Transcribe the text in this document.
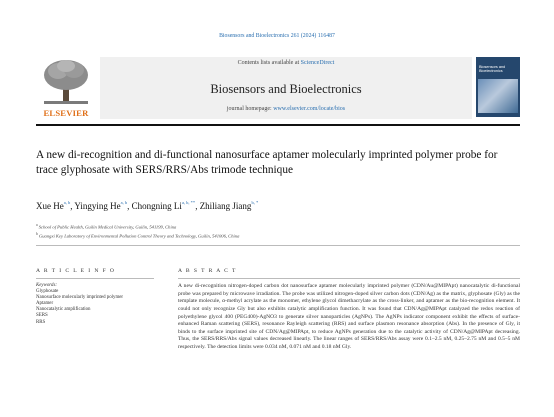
Biosensors and Bioelectronics 261 (2024) 116487
ELSEVIER
Contents lists available at ScienceDirect
Biosensors and Bioelectronics
journal homepage: www.elsevier.com/locate/bios
Biosensors and Bioelectronics
A new di-recognition and di-functional nanosurface aptamer molecularly imprinted polymer probe for trace glyphosate with SERS/RRS/Abs trimode technique
Xue He$^{a, b}$, Yingying He$^{a, b}$, Chongning $Li^{a, b, **}$, Zhiliang Jiang$^{b, *}$
$^a$ School of Public Health, Guilin Medical University, Guilin, 541199, China
$^b$ Guangxi Key Laboratory of Environmental Pollution Control Theory and Technology, Guilin, 541006, China
A R T I C L E I N F O
Keywords:
Glyphosate
Nanosurface molecularly imprinted polymer
Aptamer
Nanocatalytic amplification
SERS
RRS
A B S T R A C T
A new di-recognition nitrogen-doped carbon dot nanosurface aptamer molecularly imprinted polymer (CDN/Au@MIPApt) nanocatalytic di-functional probe was prepared by microwave irradiation. The probe was utilized nitrogen-doped silver carbon dots (CDN/Ag) as the matrix, glyphosate (Gly) as the template molecule, α-methyl acrylate as the monomer, ethylene glycol dimethacrylate as the cross-linker, and aptamer as the bio-recognition element. It could not only recognize Gly but also exhibits catalytic amplification function. It was found that CDN/Ag@MIPApt catalyzed the redox reaction of polyethylene glycol 400 (PEG400)-AgNO3 to generate silver nanoparticles (AgNPs). The AgNPs indicator component exhibit the effects of surface-enhanced Raman scattering (SERS), resonance Rayleigh scattering (RRS) and surface plasmon resonance absorption (Abs). In the presence of Gly, it binds to the surface imprinted site of CDN/Ag@MIPApt, to reduce AgNPs generation due to the catalytic activity of CDN/Ag@MIPApt decreasing. Thus, the SERS/RRS/Abs signal values decreased linearly. The linear ranges of SERS/RRS/Abs assay were 0.1–2.5 nM, 0.25–2.75 nM and 0.5–5 nM respectively. The detection limits were 0.034 nM, 0.071 nM and 0.18 nM Gly.
